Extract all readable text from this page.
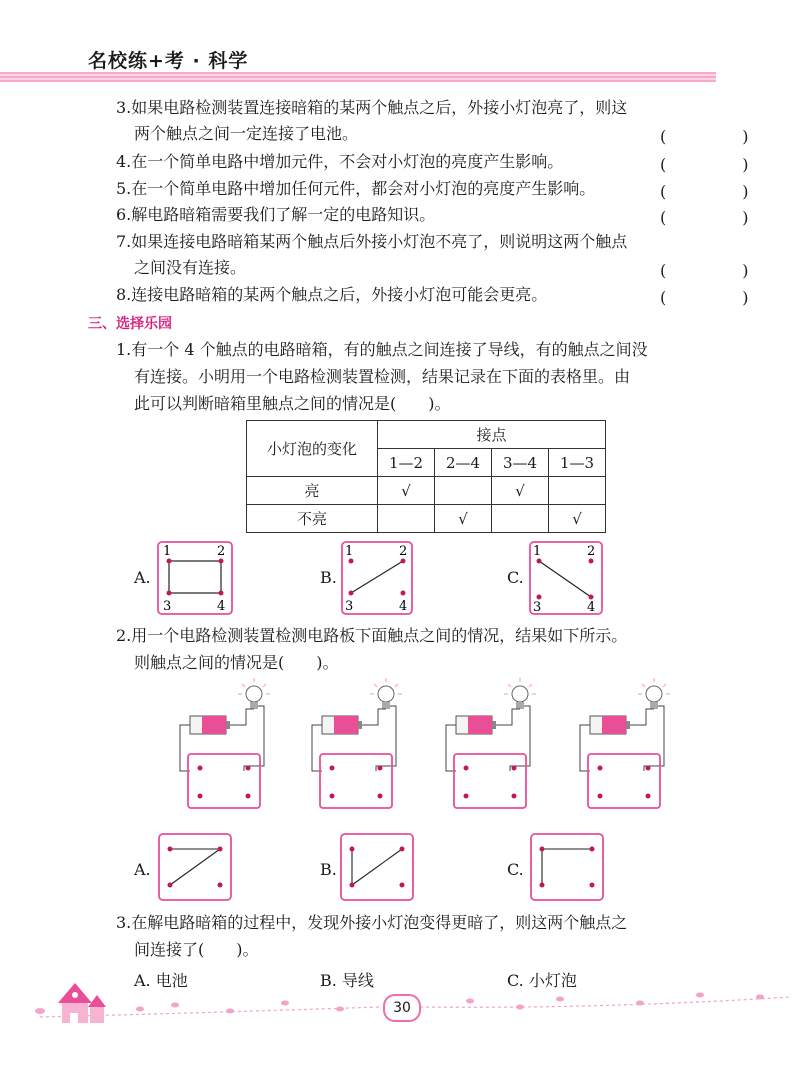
名校练+考 · 科学
3.如果电路检测装置连接暗箱的某两个触点之后，外接小灯泡亮了，则这
两个触点之间一定连接了电池。	(　)
4.在一个简单电路中增加元件，不会对小灯泡的亮度产生影响。	(　)
5.在一个简单电路中增加任何元件，都会对小灯泡的亮度产生影响。	(　)
6.解电路暗箱需要我们了解一定的电路知识。	(　)
7.如果连接电路暗箱某两个触点后外接小灯泡不亮了，则说明这两个触点
之间没有连接。	(　)
8.连接电路暗箱的某两个触点之后，外接小灯泡可能会更亮。	(　)
三、选择乐园
1.有一个 4 个触点的电路暗箱，有的触点之间连接了导线，有的触点之间没
有连接。小明用一个电路检测装置检测，结果记录在下面的表格里。由
此可以判断暗箱里触点之间的情况是(　　)。
小灯泡的变化	接点			
	1—2	2—4	3—4	1—3
亮	√		√	
不亮		√		√
A.
1	2
3	4
B.
1	2
3	4
C.
1	2
3	4
2.用一个电路检测装置检测电路板下面触点之间的情况，结果如下所示。
则触点之间的情况是(　　)。
A.	B.	C.
3.在解电路暗箱的过程中，发现外接小灯泡变得更暗了，则这两个触点之
间连接了(　　)。
A. 电池	B. 导线	C. 小灯泡
30
